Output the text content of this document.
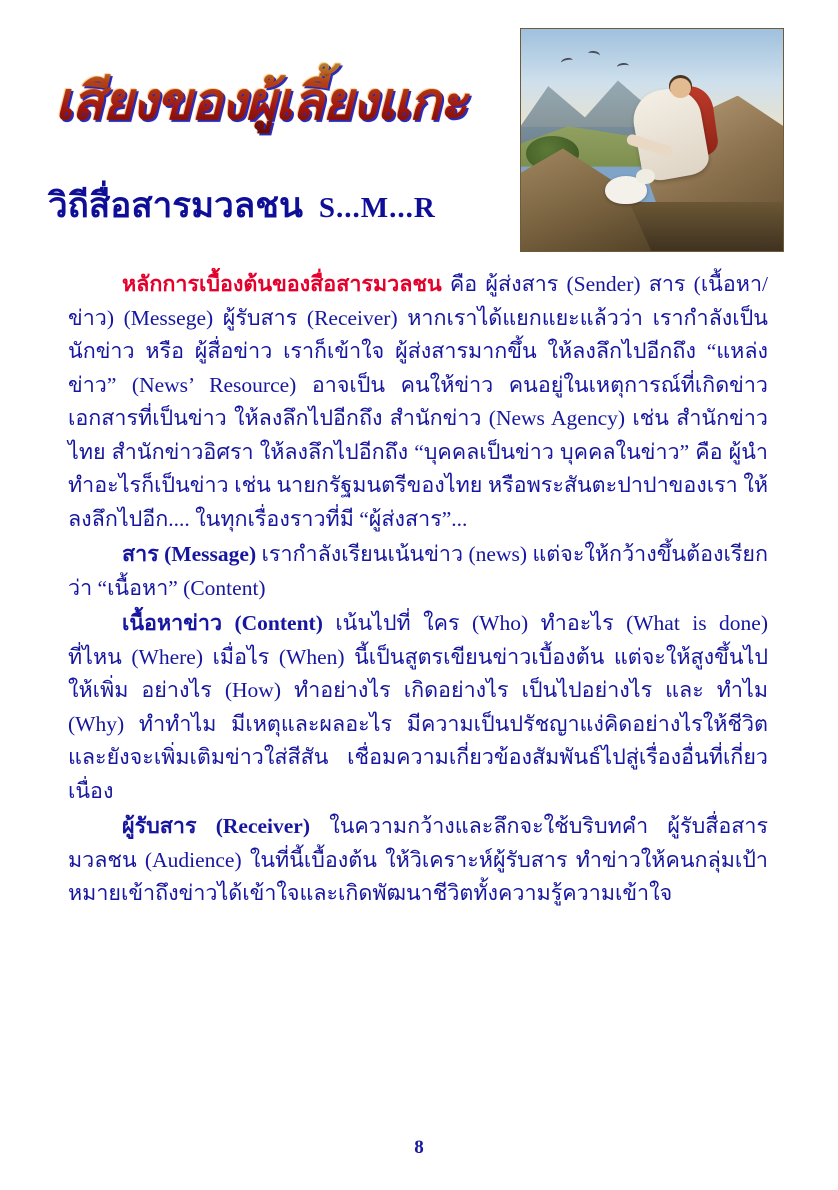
เสียงของผู้เลี้ยงแกะ
วิถีสื่อสารมวลชน S...M...R

หลักการเบื้องต้นของสื่อสารมวลชน คือ ผู้ส่งสาร (Sender) สาร (เนื้อหา/ข่าว) (Messege) ผู้รับสาร (Receiver) หากเราได้แยกแยะแล้วว่า เรากำลังเป็น นักข่าว หรือ ผู้สื่อข่าว เราก็เข้าใจ ผู้ส่งสารมากขึ้น ให้ลงลึกไปอีกถึง “แหล่งข่าว” (News’ Resource) อาจเป็น คนให้ข่าว คนอยู่ในเหตุการณ์ที่เกิดข่าว เอกสารที่เป็นข่าว ให้ลงลึกไปอีกถึง สำนักข่าว (News Agency) เช่น สำนักข่าวไทย สำนักข่าวอิศรา ให้ลงลึกไปอีกถึง “บุคคลเป็นข่าว บุคคลในข่าว” คือ ผู้นำทำอะไรก็เป็นข่าว เช่น นายกรัฐมนตรีของไทย หรือพระสันตะปาปาของเรา ให้ลงลึกไปอีก.... ในทุกเรื่องราวที่มี “ผู้ส่งสาร”...

สาร (Message) เรากำลังเรียนเน้นข่าว (news) แต่จะให้กว้างขึ้นต้องเรียกว่า “เนื้อหา” (Content)

เนื้อหาข่าว (Content) เน้นไปที่ ใคร (Who) ทำอะไร (What is done) ที่ไหน (Where) เมื่อไร (When) นี้เป็นสูตรเขียนข่าวเบื้องต้น แต่จะให้สูงขึ้นไปให้เพิ่ม อย่างไร (How) ทำอย่างไร เกิดอย่างไร เป็นไปอย่างไร และ ทำไม (Why) ทำทำไม มีเหตุและผลอะไร มีความเป็นปรัชญาแง่คิดอย่างไรให้ชีวิต และยังจะเพิ่มเติมข่าวใส่สีสัน เชื่อมความเกี่ยวข้องสัมพันธ์ไปสู่เรื่องอื่นที่เกี่ยวเนื่อง

ผู้รับสาร (Receiver) ในความกว้างและลึกจะใช้บริบทคำ ผู้รับสื่อสารมวลชน (Audience) ในที่นี้เบื้องต้น ให้วิเคราะห์ผู้รับสาร ทำข่าวให้คนกลุ่มเป้าหมายเข้าถึงข่าวได้เข้าใจและเกิดพัฒนาชีวิตทั้งความรู้ความเข้าใจ

8
